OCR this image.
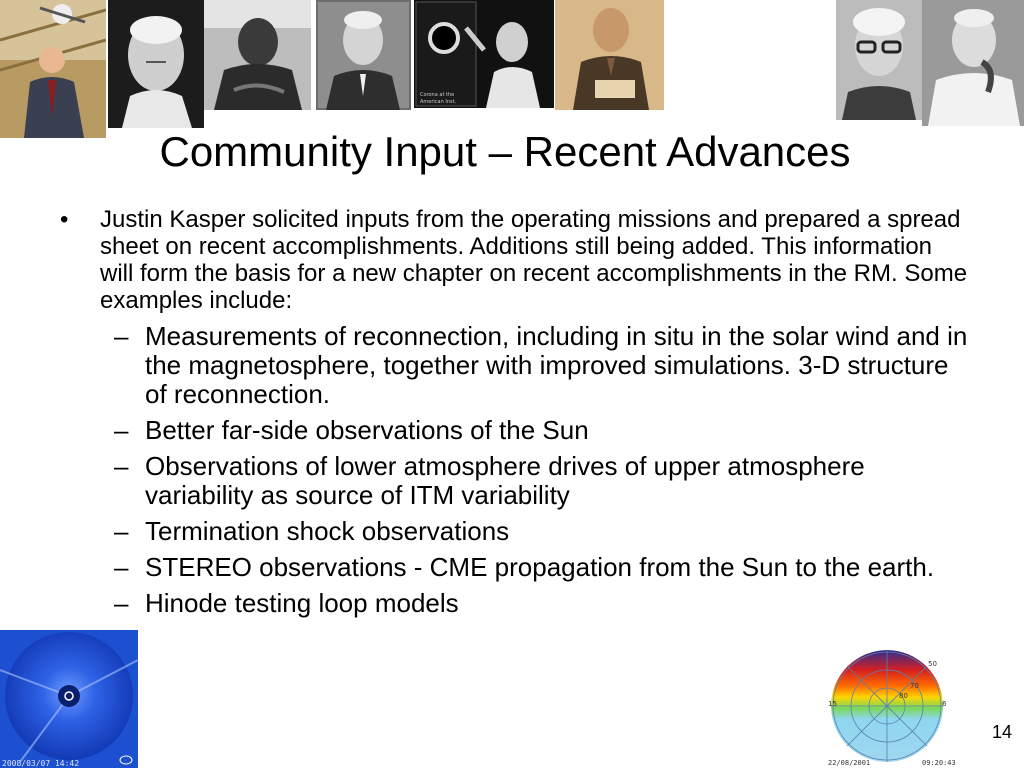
Corona at the
American Inst.
Community Input – Recent Advances
• Justin Kasper solicited inputs from the operating missions and prepared a spread sheet on recent accomplishments. Additions still being added. This information will form the basis for a new chapter on recent accomplishments in the RM. Some examples include:
– Measurements of reconnection, including in situ in the solar wind and in the magnetosphere, together with improved simulations. 3-D structure of reconnection.
– Better far-side observations of the Sun
– Observations of lower atmosphere drives of upper atmosphere variability as source of ITM variability
– Termination shock observations
– STEREO observations - CME propagation from the Sun to the earth.
– Hinode testing loop models
2008/03/07 14:42
50
70
80
15	6
22/08/2001	09:20:43
14
